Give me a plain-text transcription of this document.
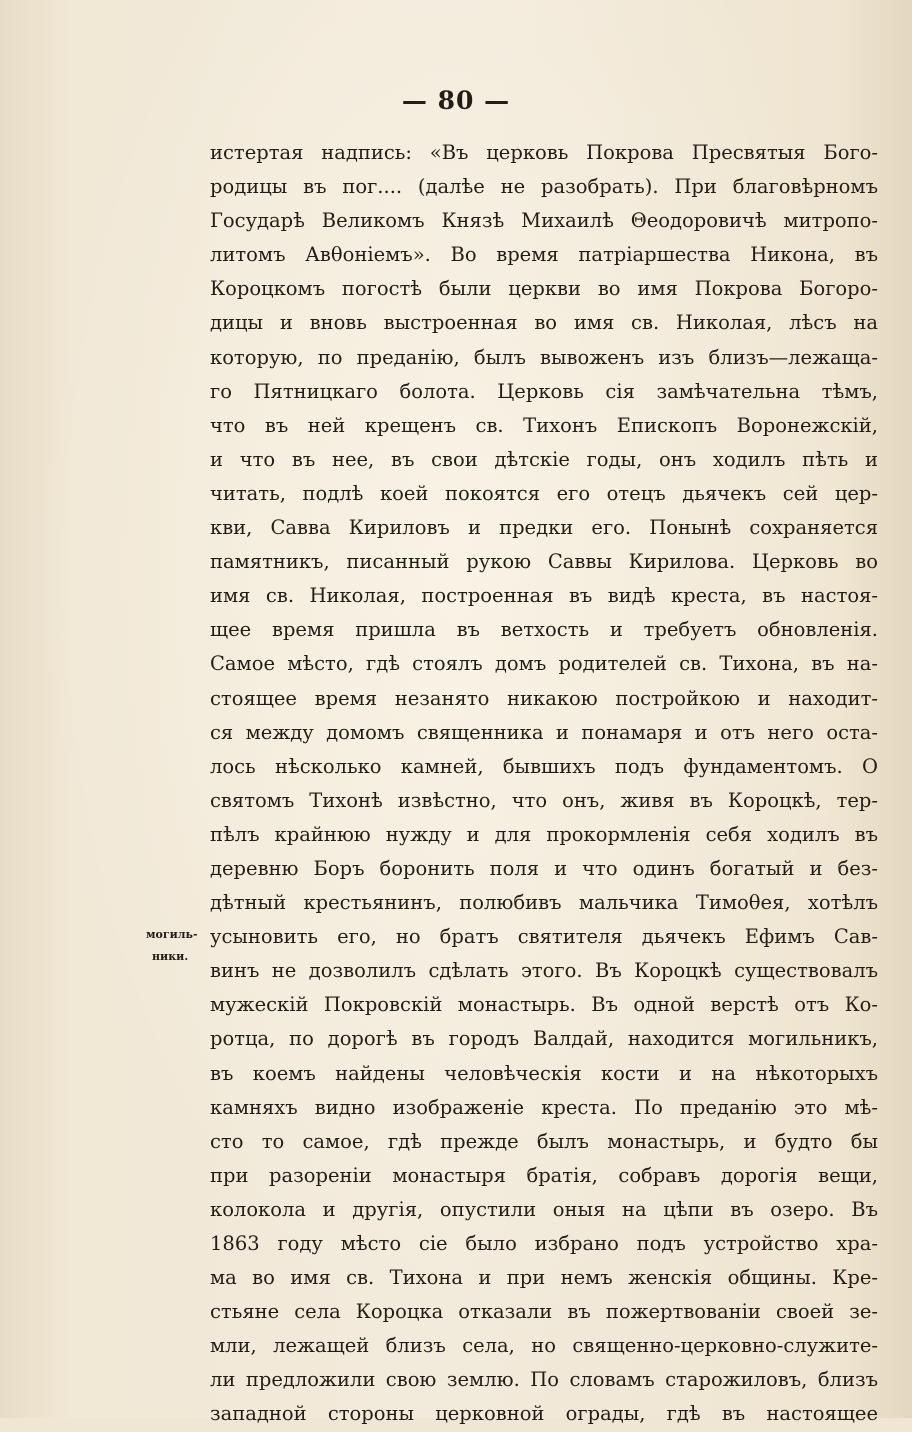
— 80 —
могиль-
ники.
истертая надпись: «Въ церковь Покрова Пресвятыя Бого-
родицы въ пог.... (далѣе не разобрать). При благовѣрномъ
Государѣ Великомъ Князѣ Михаилѣ Θеодоровичѣ митропо-
литомъ Авθоніемъ». Во время патріаршества Никона, въ
Короцкомъ погостѣ были церкви во имя Покрова Богоро-
дицы и вновь выстроенная во имя св. Николая, лѣсъ на
которую, по преданію, былъ вывоженъ изъ близъ—лежаща-
го Пятницкаго болота. Церковь сія замѣчательна тѣмъ,
что въ ней крещенъ св. Тихонъ Епископъ Воронежскій,
и что въ нее, въ свои дѣтскіе годы, онъ ходилъ пѣть и
читать, подлѣ коей покоятся его отецъ дьячекъ сей цер-
кви, Савва Кириловъ и предки его. Понынѣ сохраняется
памятникъ, писанный рукою Саввы Кирилова. Церковь во
имя св. Николая, построенная въ видѣ креста, въ настоя-
щее время пришла въ ветхость и требуетъ обновленія.
Самое мѣсто, гдѣ стоялъ домъ родителей св. Тихона, въ на-
стоящее время незанято никакою постройкою и находит-
ся между домомъ священника и понамаря и отъ него оста-
лось нѣсколько камней, бывшихъ подъ фундаментомъ. О
святомъ Тихонѣ извѣстно, что онъ, живя въ Короцкѣ, тер-
пѣлъ крайнюю нужду и для прокормленія себя ходилъ въ
деревню Боръ боронить поля и что одинъ богатый и без-
дѣтный крестьянинъ, полюбивъ мальчика Тимоθея, хотѣлъ
усыновить его, но братъ святителя дьячекъ Ефимъ Сав-
винъ не дозволилъ сдѣлать этого. Въ Короцкѣ существовалъ
мужескій Покровскій монастырь. Въ одной верстѣ отъ Ко-
ротца, по дорогѣ въ городъ Валдай, находится могильникъ,
въ коемъ найдены человѣческія кости и на нѣкоторыхъ
камняхъ видно изображеніе креста. По преданію это мѣ-
сто то самое, гдѣ прежде былъ монастырь, и будто бы
при разореніи монастыря братія, собравъ дорогія вещи,
колокола и другія, опустили оныя на цѣпи въ озеро. Въ
1863 году мѣсто сіе было избрано подъ устройство хра-
ма во имя св. Тихона и при немъ женскія общины. Кре-
стьяне села Короцка отказали въ пожертвованіи своей зе-
мли, лежащей близъ села, но священно-церковно-служите-
ли предложили свою землю. По словамъ старожиловъ, близъ
западной стороны церковной ограды, гдѣ въ настоящее
